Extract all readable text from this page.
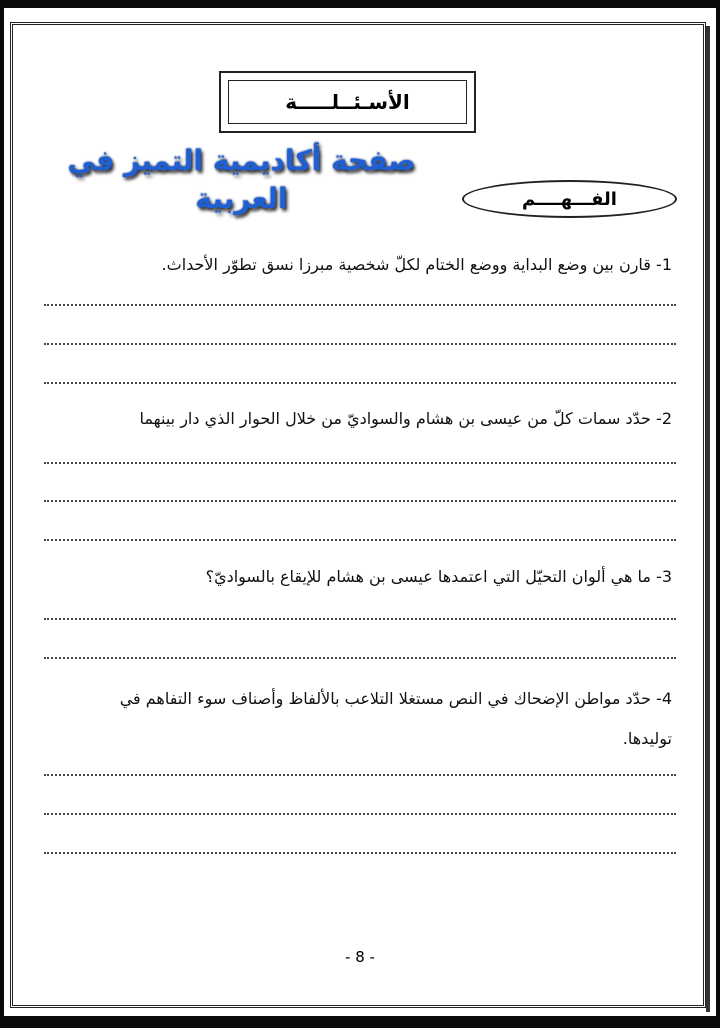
الأسـئــلـــــة
صفحة أكاديمية التميز في
العربية	الفـــهــــم
1- قارن بين وضع البداية ووضع الختام لكلّ شخصية مبرزا نسق تطوّر الأحداث.
2- حدّد سمات كلّ من عيسى بن هشام والسواديّ من خلال الحوار الذي دار بينهما
3- ما هي ألوان التحيّل التي اعتمدها عيسى بن هشام للإيقاع بالسواديّ؟
4- حدّد مواطن الإضحاك في النص مستغلا التلاعب بالألفاظ وأصناف سوء التفاهم في
توليدها.
- 8 -
